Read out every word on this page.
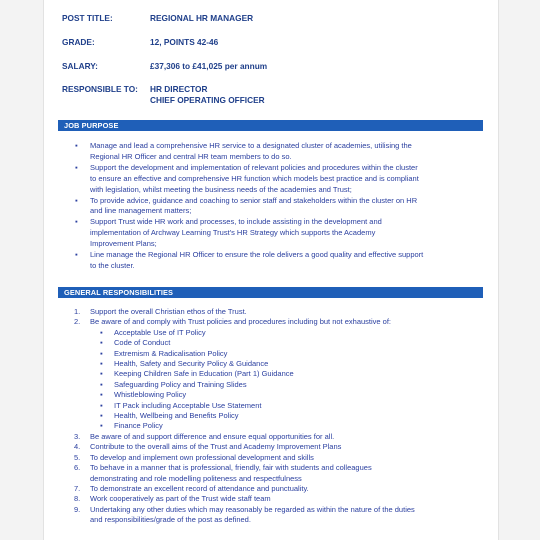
POST TITLE:	REGIONAL HR MANAGER
GRADE:	12, POINTS 42-46
SALARY:	£37,306 to £41,025 per annum
RESPONSIBLE TO:	HR DIRECTOR
CHIEF OPERATING OFFICER
JOB PURPOSE
▪ Manage and lead a comprehensive HR service to a designated cluster of academies, utilising the
Regional HR Officer and central HR team members to do so.
▪ Support the development and implementation of relevant policies and procedures within the cluster
to ensure an effective and comprehensive HR function which models best practice and is compliant
with legislation, whilst meeting the business needs of the academies and Trust;
▪ To provide advice, guidance and coaching to senior staff and stakeholders within the cluster on HR
and line management matters;
▪ Support Trust wide HR work and processes, to include assisting in the development and
implementation of Archway Learning Trust's HR Strategy which supports the Academy
Improvement Plans;
▪ Line manage the Regional HR Officer to ensure the role delivers a good quality and effective support
to the cluster.
GENERAL RESPONSIBILITIES
1. Support the overall Christian ethos of the Trust.
2. Be aware of and comply with Trust policies and procedures including but not exhaustive of:
▪ Acceptable Use of IT Policy
▪ Code of Conduct
▪ Extremism & Radicalisation Policy
▪ Health, Safety and Security Policy & Guidance
▪ Keeping Children Safe in Education (Part 1) Guidance
▪ Safeguarding Policy and Training Slides
▪ Whistleblowing Policy
▪ IT Pack including Acceptable Use Statement
▪ Health, Wellbeing and Benefits Policy
▪ Finance Policy
3. Be aware of and support difference and ensure equal opportunities for all.
4. Contribute to the overall aims of the Trust and Academy Improvement Plans
5. To develop and implement own professional development and skills
6. To behave in a manner that is professional, friendly, fair with students and colleagues
demonstrating and role modelling politeness and respectfulness
7. To demonstrate an excellent record of attendance and punctuality.
8. Work cooperatively as part of the Trust wide staff team
9. Undertaking any other duties which may reasonably be regarded as within the nature of the duties
and responsibilities/grade of the post as defined.
